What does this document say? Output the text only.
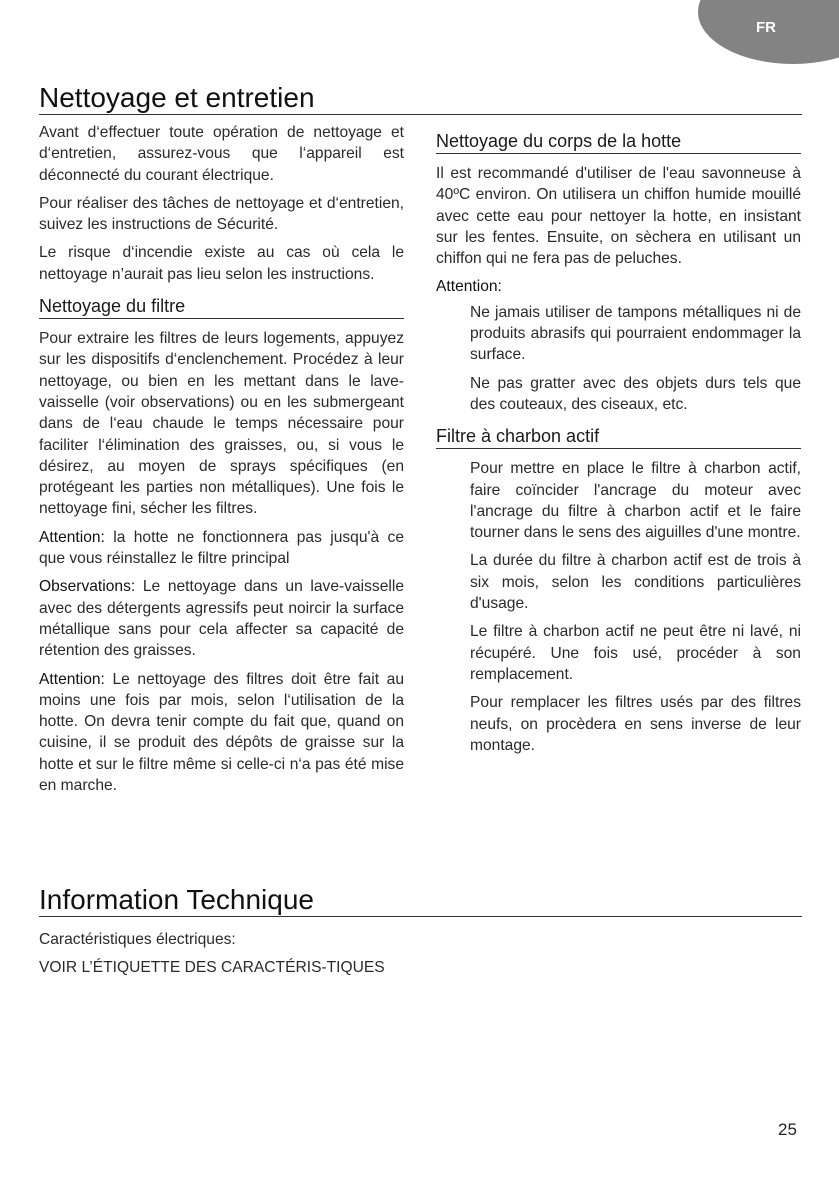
FR
Nettoyage et entretien

Avant d‘effectuer toute opération de nettoyage et d‘entretien, assurez-vous que l‘appareil est déconnecté du courant électrique.

Pour réaliser des tâches de nettoyage et d‘entretien, suivez les instructions de Sécurité.

Le risque d‘incendie existe au cas où cela le nettoyage n’aurait pas lieu selon les instructions.

Nettoyage du filtre

Pour extraire les filtres de leurs logements, appuyez sur les dispositifs d‘enclenchement. Procédez à leur nettoyage, ou bien en les mettant dans le lave-vaisselle (voir observations) ou en les submergeant dans de l‘eau chaude le temps nécessaire pour faciliter l‘élimination des graisses, ou, si vous le désirez, au moyen de sprays spécifiques (en protégeant les parties non métalliques). Une fois le nettoyage fini, sécher les filtres.

Attention: la hotte ne fonctionnera pas jusqu'à ce que vous réinstallez le filtre principal

Observations: Le nettoyage dans un lave-vaisselle avec des détergents agressifs peut noircir la surface métallique sans pour cela affecter sa capacité de rétention des graisses.

Attention: Le nettoyage des filtres doit être fait au moins une fois par mois, selon l‘utilisation de la hotte. On devra tenir compte du fait que, quand on cuisine, il se produit des dépôts de graisse sur la hotte et sur le filtre même si celle-ci n‘a pas été mise en marche.

Nettoyage du corps de la hotte

Il est recommandé d'utiliser de l'eau savonneuse à 40ºC environ. On utilisera un chiffon humide mouillé avec cette eau pour nettoyer la hotte, en insistant sur les fentes. Ensuite, on sèchera en utilisant un chiffon qui ne fera pas de peluches.

Attention:

Ne jamais utiliser de tampons métalliques ni de produits abrasifs qui pourraient endommager la surface.

Ne pas gratter avec des objets durs tels que des couteaux, des ciseaux, etc.

Filtre à charbon actif

Pour mettre en place le filtre à charbon actif, faire coïncider l'ancrage du moteur avec l'ancrage du filtre à charbon actif et le faire tourner dans le sens des aiguilles d'une montre.

La durée du filtre à charbon actif est de trois à six mois, selon les conditions particulières d'usage.

Le filtre à charbon actif ne peut être ni lavé, ni récupéré. Une fois usé, procéder à son remplacement.

Pour remplacer les filtres usés par des filtres neufs, on procèdera en sens inverse de leur montage.

Information Technique

Caractéristiques électriques:

VOIR L’ÉTIQUETTE DES CARACTÉRIS-TIQUES

25
